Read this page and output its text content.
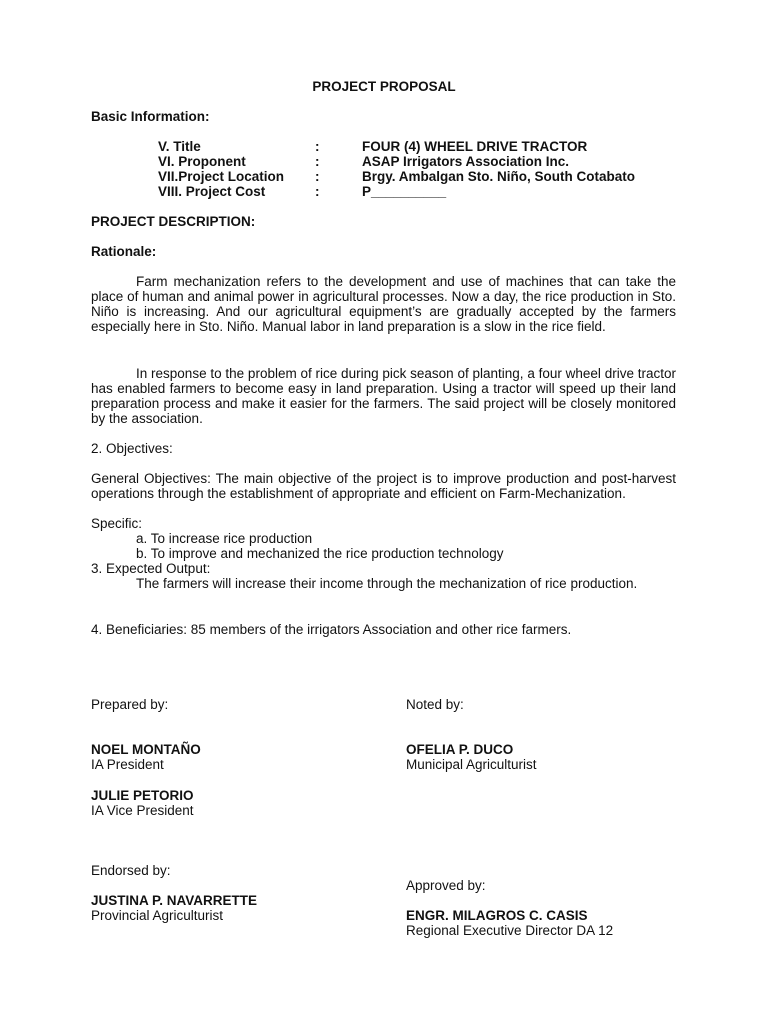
PROJECT PROPOSAL
Basic Information:
V. Title	:	FOUR (4) WHEEL DRIVE TRACTOR
VI. Proponent	:	ASAP Irrigators Association Inc.
VII.Project Location :	Brgy. Ambalgan Sto. Niño, South Cotabato
VIII. Project Cost	:	P__________
PROJECT DESCRIPTION:
Rationale:
Farm mechanization refers to the development and use of machines that can take the place of human and animal power in agricultural processes. Now a day, the rice production in Sto. Niño is increasing. And our agricultural equipment’s are gradually accepted by the farmers especially here in Sto. Niño. Manual labor in land preparation is a slow in the rice field.
In response to the problem of rice during pick season of planting, a four wheel drive tractor has enabled farmers to become easy in land preparation. Using a tractor will speed up their land preparation process and make it easier for the farmers. The said project will be closely monitored by the association.
2. Objectives:
General Objectives: The main objective of the project is to improve production and post-harvest operations through the establishment of appropriate and efficient on Farm-Mechanization.
Specific:
a. To increase rice production
b. To improve and mechanized the rice production technology
3. Expected Output:
The farmers will increase their income through the mechanization of rice production.
4. Beneficiaries: 85 members of the irrigators Association and other rice farmers.
Prepared by:	Noted by:
NOEL MONTAÑO
IA President
OFELIA P. DUCO
Municipal Agriculturist
JULIE PETORIO
IA Vice President
Endorsed by:
Approved by:
JUSTINA P. NAVARRETTE
Provincial Agriculturist	ENGR. MILAGROS C. CASIS
Regional Executive Director DA 12
